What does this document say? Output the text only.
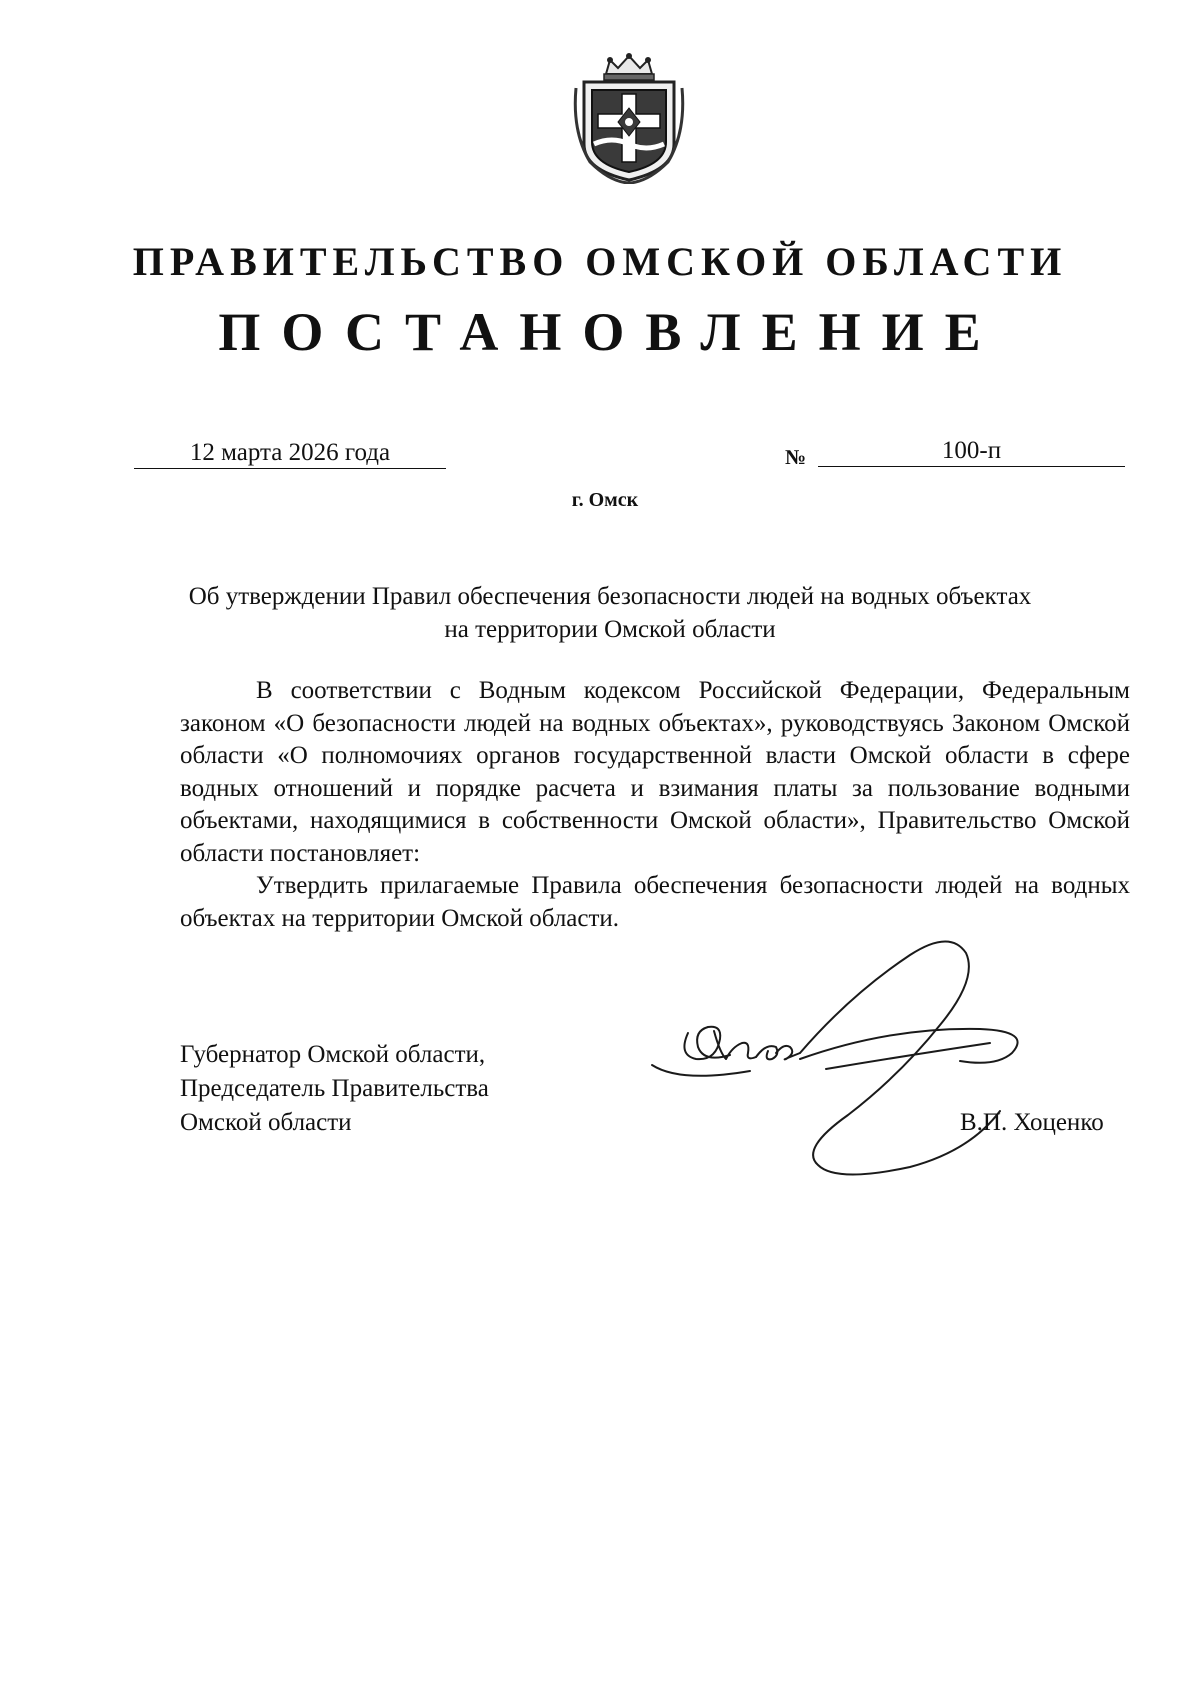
ПРАВИТЕЛЬСТВО ОМСКОЙ ОБЛАСТИ
ПОСТАНОВЛЕНИЕ
12 марта 2026 года	№	100-п
г. Омск
Об утверждении Правил обеспечения безопасности людей на водных объектах на территории Омской области

В соответствии с Водным кодексом Российской Федерации, Федеральным законом «О безопасности людей на водных объектах», руководствуясь Законом Омской области «О полномочиях органов государственной власти Омской области в сфере водных отношений и порядке расчета и взимания платы за пользование водными объектами, находящимися в собственности Омской области», Правительство Омской области постановляет:

Утвердить прилагаемые Правила обеспечения безопасности людей на водных объектах на территории Омской области.

Губернатор Омской области,
Председатель Правительства
Омской области	В.П. Хоценко
